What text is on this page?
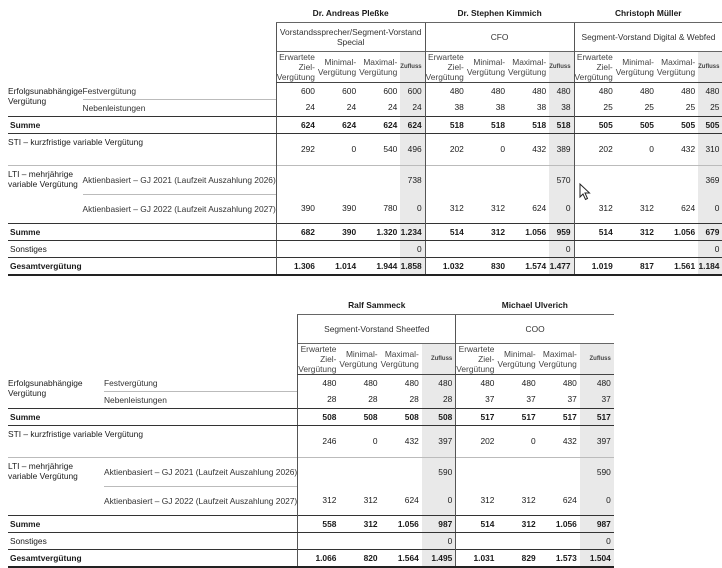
		Dr. Andreas Pleßke				Dr. Stephen Kimmich				Christoph Müller			
		Vorstandssprecher/Segment-Vorstand Special				CFO				Segment-Vorstand Digital & Webfed			
		Erwartete Ziel-Vergütung	Minimal-Vergütung	Maximal-Vergütung	Zufluss	Erwartete Ziel-Vergütung	Minimal-Vergütung	Maximal-Vergütung	Zufluss	Erwartete Ziel-Vergütung	Minimal-Vergütung	Maximal-Vergütung	Zufluss
Erfolgsunabhängige Vergütung	Festvergütung	600	600	600	600	480	480	480	480	480	480	480	480
	Nebenleistungen	24	24	24	24	38	38	38	38	25	25	25	25
Summe		624	624	624	624	518	518	518	518	505	505	505	505
STI – kurzfristige variable Vergütung		292	0	540	496	202	0	432	389	202	0	432	310
LTI – mehrjährige variable Vergütung	Aktienbasiert – GJ 2021 (Laufzeit Auszahlung 2026)				738				570				369
	Aktienbasiert – GJ 2022 (Laufzeit Auszahlung 2027)	390	390	780	0	312	312	624	0	312	312	624	0
Summe		682	390	1.320	1.234	514	312	1.056	959	514	312	1.056	679
Sonstiges					0				0				0
Gesamtvergütung		1.306	1.014	1.944	1.858	1.032	830	1.574	1.477	1.019	817	1.561	1.184
		Ralf Sammeck				Michael Ulverich			
		Segment-Vorstand Sheetfed				COO			
		Erwartete Ziel-Vergütung	Minimal-Vergütung	Maximal-Vergütung	Zufluss	Erwartete Ziel-Vergütung	Minimal-Vergütung	Maximal-Vergütung	Zufluss
Erfolgsunabhängige Vergütung	Festvergütung	480	480	480	480	480	480	480	480
	Nebenleistungen	28	28	28	28	37	37	37	37
Summe		508	508	508	508	517	517	517	517
STI – kurzfristige variable Vergütung		246	0	432	397	202	0	432	397
LTI – mehrjährige variable Vergütung	Aktienbasiert – GJ 2021 (Laufzeit Auszahlung 2026)				590				590
	Aktienbasiert – GJ 2022 (Laufzeit Auszahlung 2027)	312	312	624	0	312	312	624	0
Summe		558	312	1.056	987	514	312	1.056	987
Sonstiges					0				0
Gesamtvergütung		1.066	820	1.564	1.495	1.031	829	1.573	1.504
